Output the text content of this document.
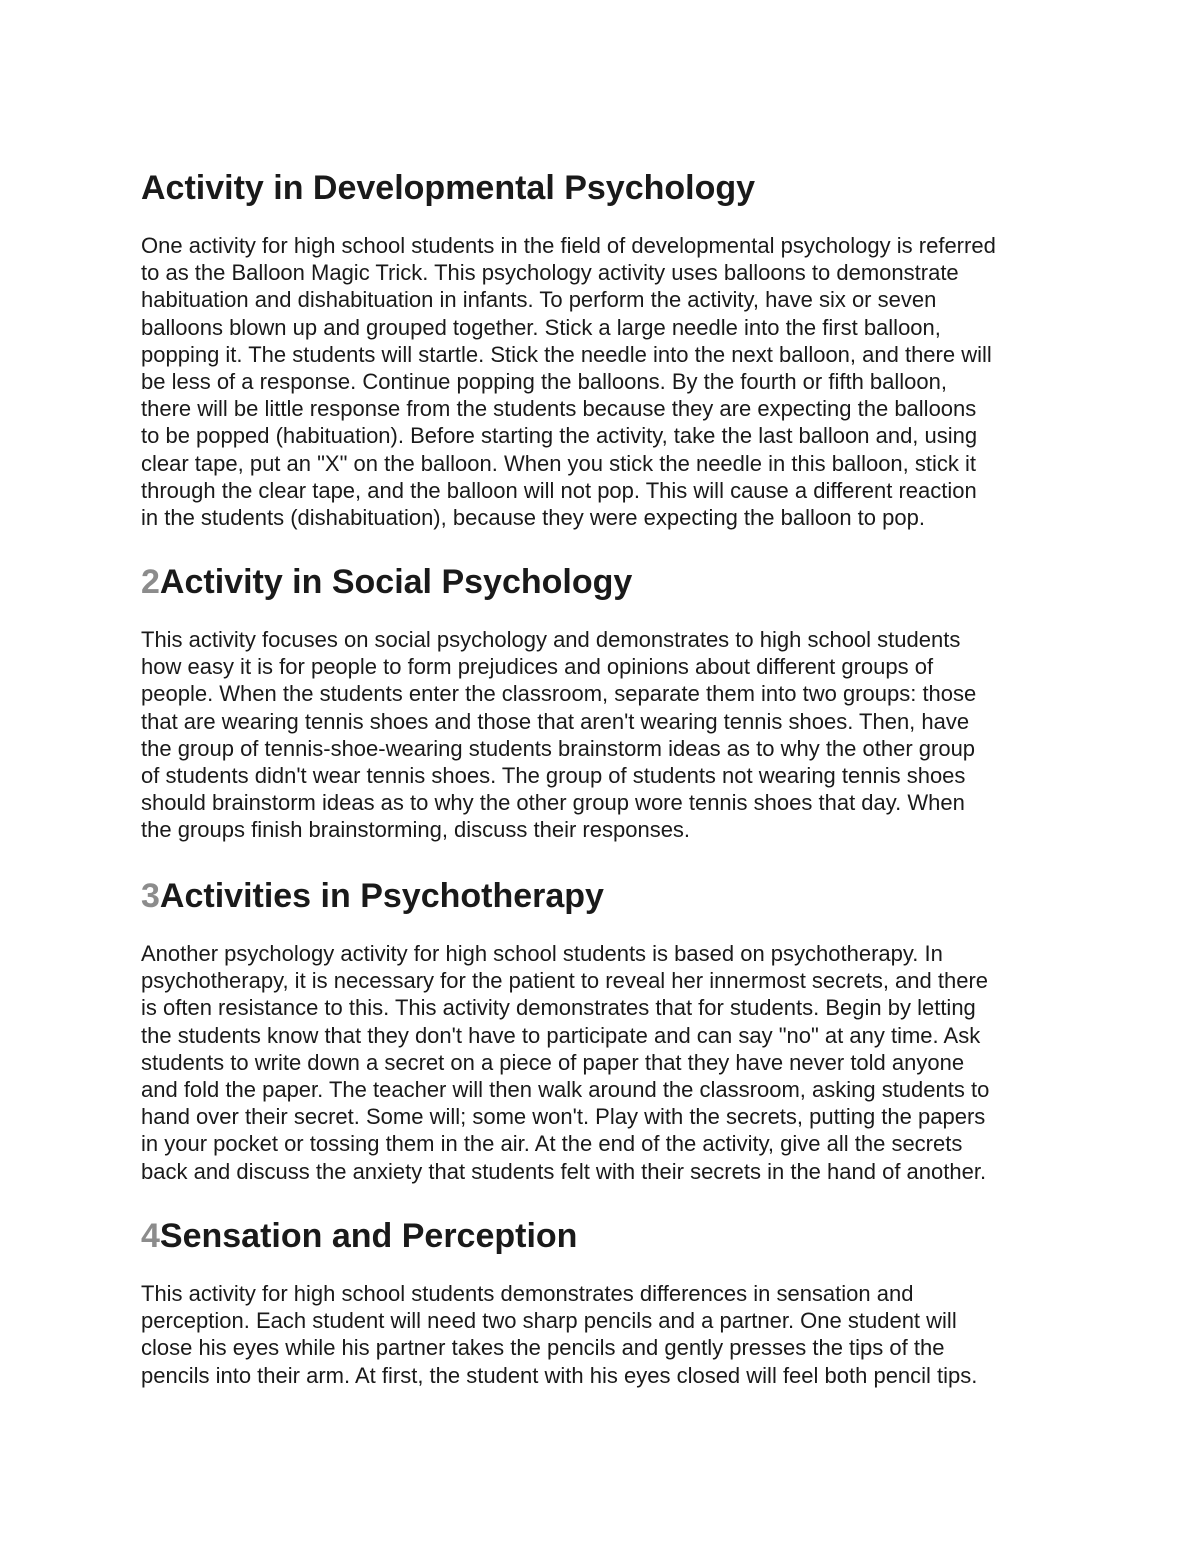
Activity in Developmental Psychology

One activity for high school students in the field of developmental psychology is referred
to as the Balloon Magic Trick. This psychology activity uses balloons to demonstrate
habituation and dishabituation in infants. To perform the activity, have six or seven
balloons blown up and grouped together. Stick a large needle into the first balloon,
popping it. The students will startle. Stick the needle into the next balloon, and there will
be less of a response. Continue popping the balloons. By the fourth or fifth balloon,
there will be little response from the students because they are expecting the balloons
to be popped (habituation). Before starting the activity, take the last balloon and, using
clear tape, put an "X" on the balloon. When you stick the needle in this balloon, stick it
through the clear tape, and the balloon will not pop. This will cause a different reaction
in the students (dishabituation), because they were expecting the balloon to pop.

2Activity in Social Psychology

This activity focuses on social psychology and demonstrates to high school students
how easy it is for people to form prejudices and opinions about different groups of
people. When the students enter the classroom, separate them into two groups: those
that are wearing tennis shoes and those that aren't wearing tennis shoes. Then, have
the group of tennis-shoe-wearing students brainstorm ideas as to why the other group
of students didn't wear tennis shoes. The group of students not wearing tennis shoes
should brainstorm ideas as to why the other group wore tennis shoes that day. When
the groups finish brainstorming, discuss their responses.

3Activities in Psychotherapy

Another psychology activity for high school students is based on psychotherapy. In
psychotherapy, it is necessary for the patient to reveal her innermost secrets, and there
is often resistance to this. This activity demonstrates that for students. Begin by letting
the students know that they don't have to participate and can say "no" at any time. Ask
students to write down a secret on a piece of paper that they have never told anyone
and fold the paper. The teacher will then walk around the classroom, asking students to
hand over their secret. Some will; some won't. Play with the secrets, putting the papers
in your pocket or tossing them in the air. At the end of the activity, give all the secrets
back and discuss the anxiety that students felt with their secrets in the hand of another.

4Sensation and Perception

This activity for high school students demonstrates differences in sensation and
perception. Each student will need two sharp pencils and a partner. One student will
close his eyes while his partner takes the pencils and gently presses the tips of the
pencils into their arm. At first, the student with his eyes closed will feel both pencil tips.
